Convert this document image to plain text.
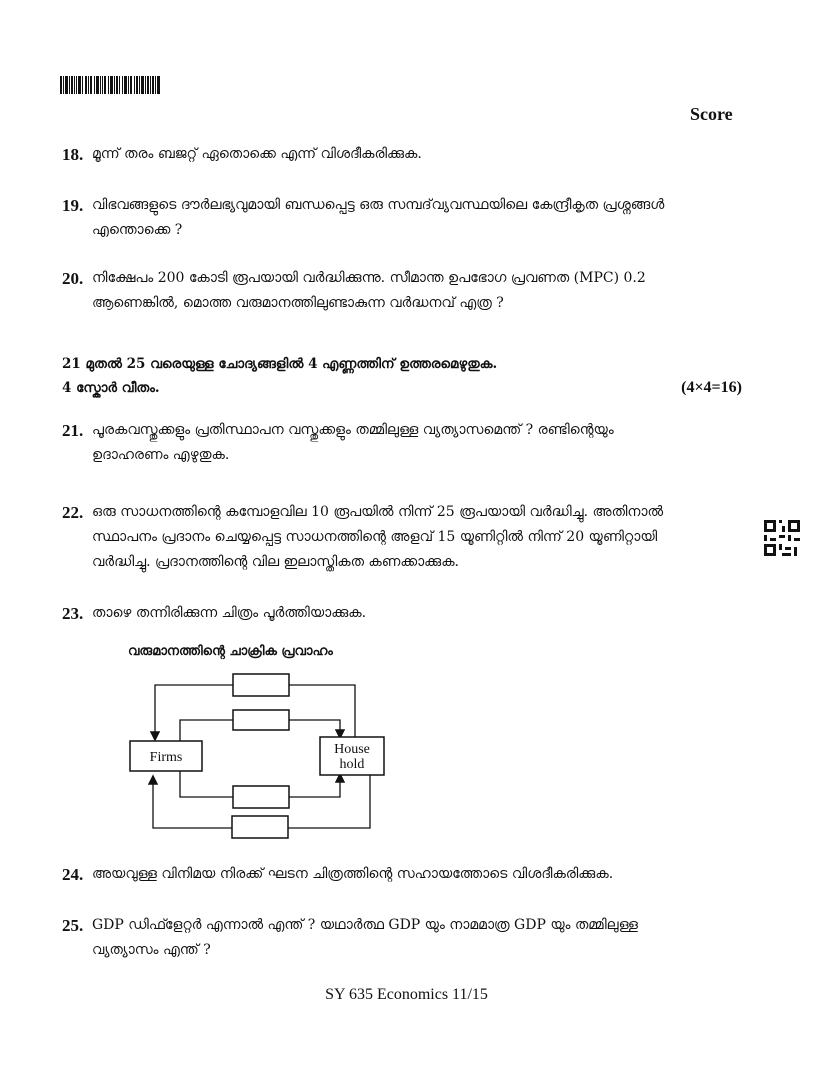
Score
18. മൂന്ന് തരം ബജറ്റ് ഏതൊക്കെ എന്ന് വിശദീകരിക്കുക.
19. വിഭവങ്ങളുടെ ദൗർലഭ്യവുമായി ബന്ധപ്പെട്ട ഒരു സമ്പദ്‌വ്യവസ്ഥയിലെ കേന്ദ്രീകൃത പ്രശ്നങ്ങൾ
എന്തൊക്കെ ?
20. നിക്ഷേപം 200 കോടി രൂപയായി വർദ്ധിക്കുന്നു. സീമാന്ത ഉപഭോഗ പ്രവണത (MPC) 0.2
ആണെങ്കിൽ, മൊത്ത വരുമാനത്തിലുണ്ടാകുന്ന വർദ്ധനവ് എത്ര ?
21 മുതൽ 25 വരെയുള്ള ചോദ്യങ്ങളിൽ 4 എണ്ണത്തിന് ഉത്തരമെഴുതുക.
4 സ്കോർ വീതം.	(4×4=16)
21. പൂരകവസ്തുക്കളും പ്രതിസ്ഥാപന വസ്തുക്കളും തമ്മിലുള്ള വ്യത്യാസമെന്ത് ? രണ്ടിന്റെയും
ഉദാഹരണം എഴുതുക.
22. ഒരു സാധനത്തിന്റെ കമ്പോളവില 10 രൂപയിൽ നിന്ന് 25 രൂപയായി വർദ്ധിച്ചു. അതിനാൽ
സ്ഥാപനം പ്രദാനം ചെയ്യപ്പെട്ട സാധനത്തിന്റെ അളവ് 15 യൂണിറ്റിൽ നിന്ന് 20 യൂണിറ്റായി
വർദ്ധിച്ചു. പ്രദാനത്തിന്റെ വില ഇലാസ്തികത കണക്കാക്കുക.
23. താഴെ തന്നിരിക്കുന്ന ചിത്രം പൂർത്തിയാക്കുക.
വരുമാനത്തിന്റെ ചാക്രിക പ്രവാഹം
Firms
House
hold
24. അയവുള്ള വിനിമയ നിരക്ക് ഘടന ചിത്രത്തിന്റെ സഹായത്തോടെ വിശദീകരിക്കുക.
25. GDP ഡിഫ്ളേറ്റർ എന്നാൽ എന്ത് ? യഥാർത്ഥ GDP യും നാമമാത്ര GDP യും തമ്മിലുള്ള
വ്യത്യാസം എന്ത് ?
SY 635 Economics 11/15
